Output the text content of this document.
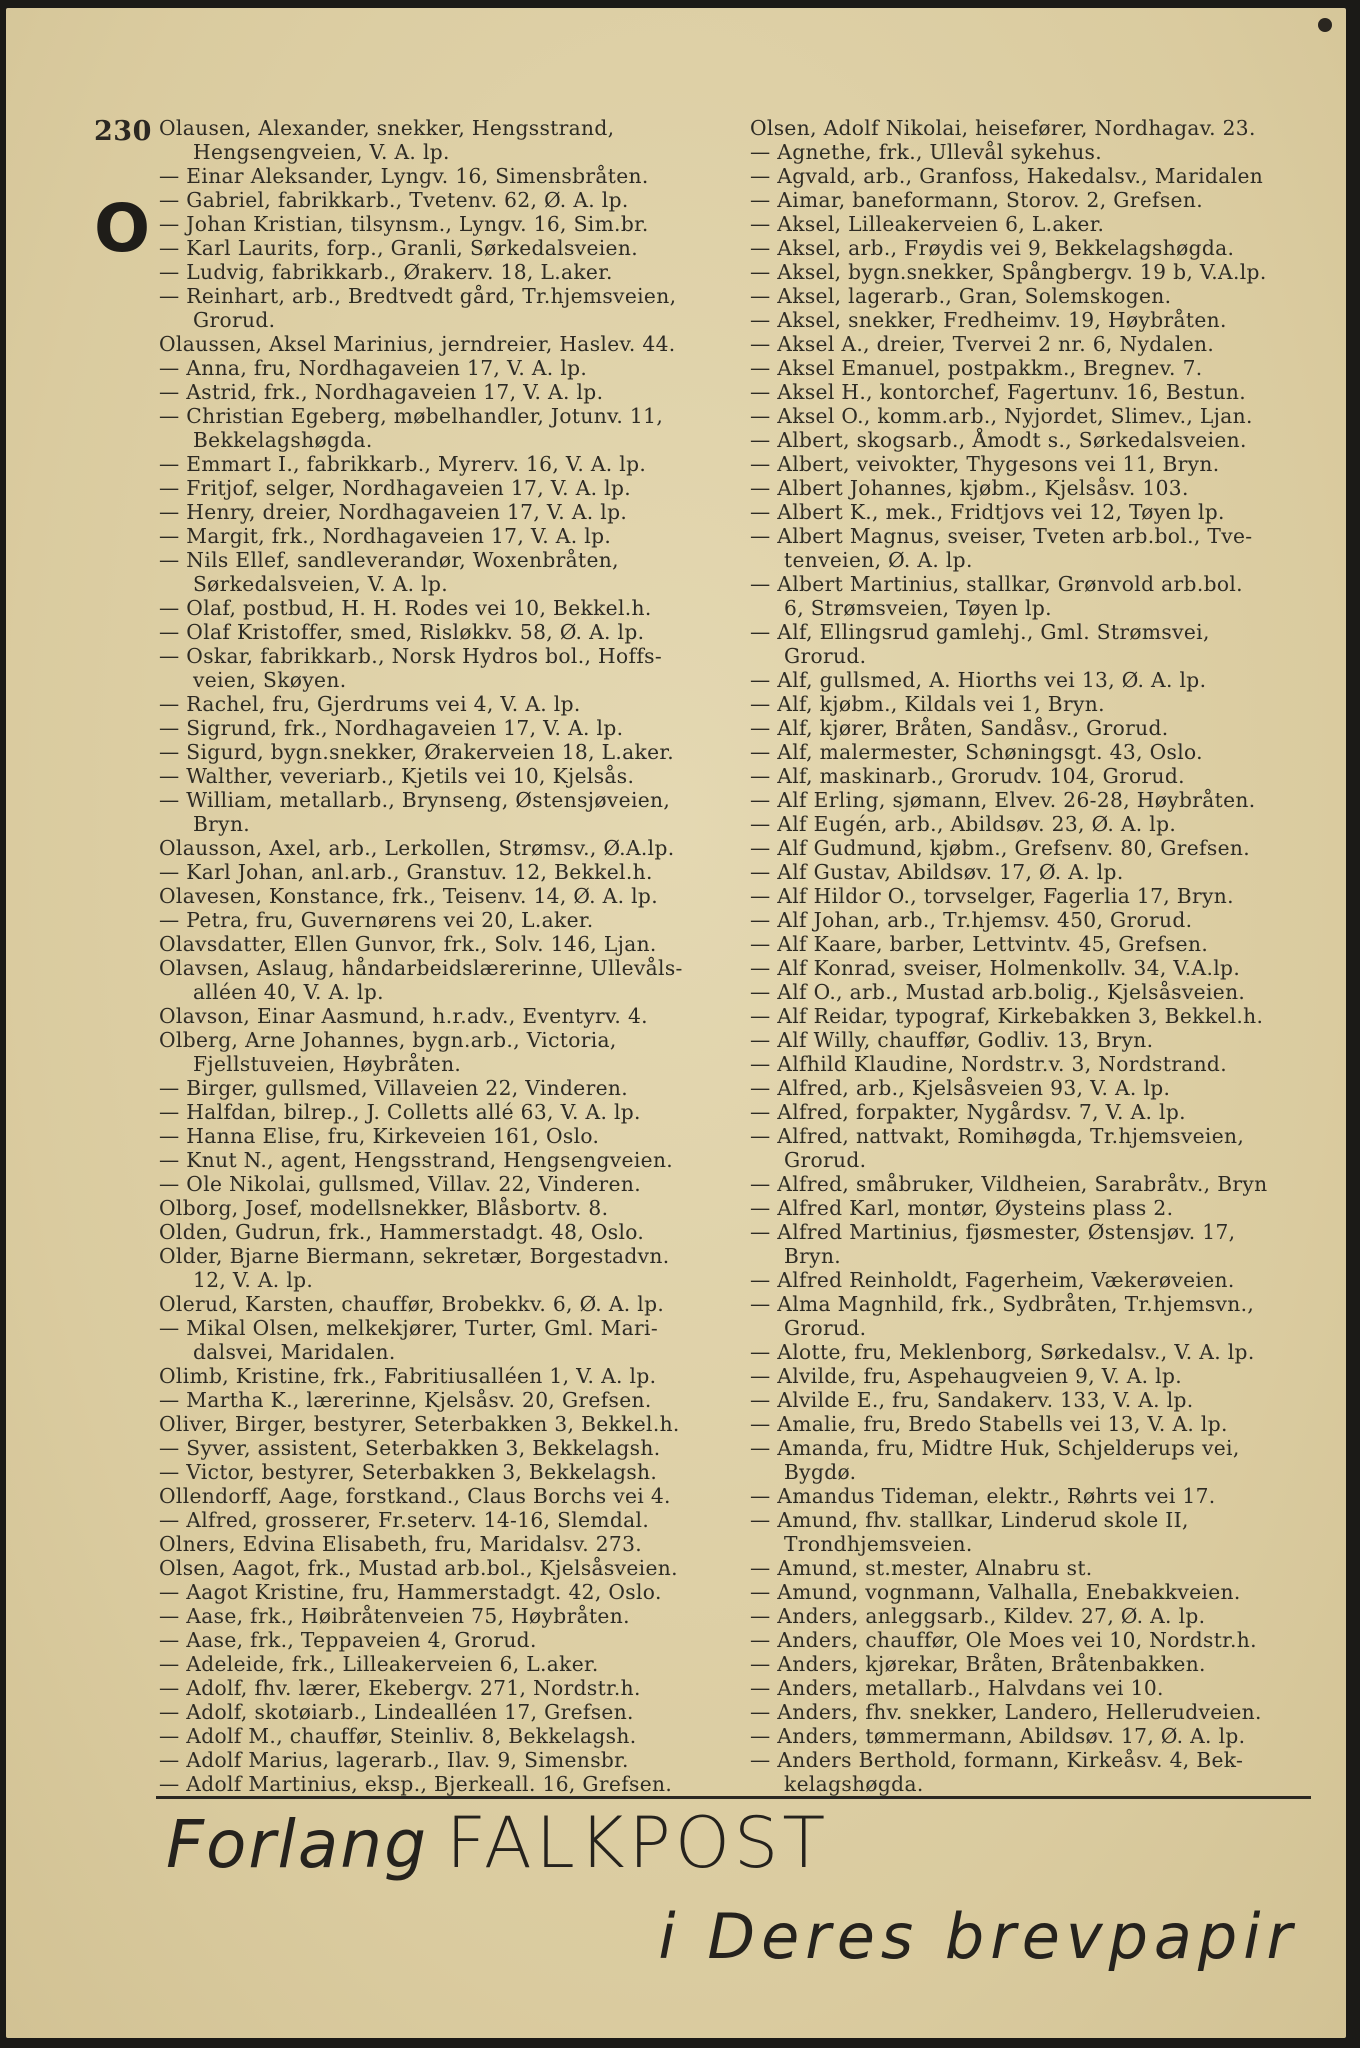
230
O
Olausen, Alexander, snekker, Hengsstrand,
Hengsengveien, V. A. lp.
— Einar Aleksander, Lyngv. 16, Simensbråten.
— Gabriel, fabrikkarb., Tvetenv. 62, Ø. A. lp.
— Johan Kristian, tilsynsm., Lyngv. 16, Sim.br.
— Karl Laurits, forp., Granli, Sørkedalsveien.
— Ludvig, fabrikkarb., Ørakerv. 18, L.aker.
— Reinhart, arb., Bredtvedt gård, Tr.hjemsveien,
Grorud.
Olaussen, Aksel Marinius, jerndreier, Haslev. 44.
— Anna, fru, Nordhagaveien 17, V. A. lp.
— Astrid, frk., Nordhagaveien 17, V. A. lp.
— Christian Egeberg, møbelhandler, Jotunv. 11,
Bekkelagshøgda.
— Emmart I., fabrikkarb., Myrerv. 16, V. A. lp.
— Fritjof, selger, Nordhagaveien 17, V. A. lp.
— Henry, dreier, Nordhagaveien 17, V. A. lp.
— Margit, frk., Nordhagaveien 17, V. A. lp.
— Nils Ellef, sandleverandør, Woxenbråten,
Sørkedalsveien, V. A. lp.
— Olaf, postbud, H. H. Rodes vei 10, Bekkel.h.
— Olaf Kristoffer, smed, Risløkkv. 58, Ø. A. lp.
— Oskar, fabrikkarb., Norsk Hydros bol., Hoffs-
veien, Skøyen.
— Rachel, fru, Gjerdrums vei 4, V. A. lp.
— Sigrund, frk., Nordhagaveien 17, V. A. lp.
— Sigurd, bygn.snekker, Ørakerveien 18, L.aker.
— Walther, veveriarb., Kjetils vei 10, Kjelsås.
— William, metallarb., Brynseng, Østensjøveien,
Bryn.
Olausson, Axel, arb., Lerkollen, Strømsv., Ø.A.lp.
— Karl Johan, anl.arb., Granstuv. 12, Bekkel.h.
Olavesen, Konstance, frk., Teisenv. 14, Ø. A. lp.
— Petra, fru, Guvernørens vei 20, L.aker.
Olavsdatter, Ellen Gunvor, frk., Solv. 146, Ljan.
Olavsen, Aslaug, håndarbeidslærerinne, Ullevåls-
alléen 40, V. A. lp.
Olavson, Einar Aasmund, h.r.adv., Eventyrv. 4.
Olberg, Arne Johannes, bygn.arb., Victoria,
Fjellstuveien, Høybråten.
— Birger, gullsmed, Villaveien 22, Vinderen.
— Halfdan, bilrep., J. Colletts allé 63, V. A. lp.
— Hanna Elise, fru, Kirkeveien 161, Oslo.
— Knut N., agent, Hengsstrand, Hengsengveien.
— Ole Nikolai, gullsmed, Villav. 22, Vinderen.
Olborg, Josef, modellsnekker, Blåsbortv. 8.
Olden, Gudrun, frk., Hammerstadgt. 48, Oslo.
Older, Bjarne Biermann, sekretær, Borgestadvn.
12, V. A. lp.
Olerud, Karsten, chauffør, Brobekkv. 6, Ø. A. lp.
— Mikal Olsen, melkekjører, Turter, Gml. Mari-
dalsvei, Maridalen.
Olimb, Kristine, frk., Fabritiusalléen 1, V. A. lp.
— Martha K., lærerinne, Kjelsåsv. 20, Grefsen.
Oliver, Birger, bestyrer, Seterbakken 3, Bekkel.h.
— Syver, assistent, Seterbakken 3, Bekkelagsh.
— Victor, bestyrer, Seterbakken 3, Bekkelagsh.
Ollendorff, Aage, forstkand., Claus Borchs vei 4.
— Alfred, grosserer, Fr.seterv. 14-16, Slemdal.
Olners, Edvina Elisabeth, fru, Maridalsv. 273.
Olsen, Aagot, frk., Mustad arb.bol., Kjelsåsveien.
— Aagot Kristine, fru, Hammerstadgt. 42, Oslo.
— Aase, frk., Høibråtenveien 75, Høybråten.
— Aase, frk., Teppaveien 4, Grorud.
— Adeleide, frk., Lilleakerveien 6, L.aker.
— Adolf, fhv. lærer, Ekebergv. 271, Nordstr.h.
— Adolf, skotøiarb., Lindealléen 17, Grefsen.
— Adolf M., chauffør, Steinliv. 8, Bekkelagsh.
— Adolf Marius, lagerarb., Ilav. 9, Simensbr.
— Adolf Martinius, eksp., Bjerkeall. 16, Grefsen.
Olsen, Adolf Nikolai, heisefører, Nordhagav. 23.
— Agnethe, frk., Ullevål sykehus.
— Agvald, arb., Granfoss, Hakedalsv., Maridalen
— Aimar, baneformann, Storov. 2, Grefsen.
— Aksel, Lilleakerveien 6, L.aker.
— Aksel, arb., Frøydis vei 9, Bekkelagshøgda.
— Aksel, bygn.snekker, Spångbergv. 19 b, V.A.lp.
— Aksel, lagerarb., Gran, Solemskogen.
— Aksel, snekker, Fredheimv. 19, Høybråten.
— Aksel A., dreier, Tvervei 2 nr. 6, Nydalen.
— Aksel Emanuel, postpakkm., Bregnev. 7.
— Aksel H., kontorchef, Fagertunv. 16, Bestun.
— Aksel O., komm.arb., Nyjordet, Slimev., Ljan.
— Albert, skogsarb., Åmodt s., Sørkedalsveien.
— Albert, veivokter, Thygesons vei 11, Bryn.
— Albert Johannes, kjøbm., Kjelsåsv. 103.
— Albert K., mek., Fridtjovs vei 12, Tøyen lp.
— Albert Magnus, sveiser, Tveten arb.bol., Tve-
tenveien, Ø. A. lp.
— Albert Martinius, stallkar, Grønvold arb.bol.
6, Strømsveien, Tøyen lp.
— Alf, Ellingsrud gamlehj., Gml. Strømsvei,
Grorud.
— Alf, gullsmed, A. Hiorths vei 13, Ø. A. lp.
— Alf, kjøbm., Kildals vei 1, Bryn.
— Alf, kjører, Bråten, Sandåsv., Grorud.
— Alf, malermester, Schøningsgt. 43, Oslo.
— Alf, maskinarb., Grorudv. 104, Grorud.
— Alf Erling, sjømann, Elvev. 26-28, Høybråten.
— Alf Eugén, arb., Abildsøv. 23, Ø. A. lp.
— Alf Gudmund, kjøbm., Grefsenv. 80, Grefsen.
— Alf Gustav, Abildsøv. 17, Ø. A. lp.
— Alf Hildor O., torvselger, Fagerlia 17, Bryn.
— Alf Johan, arb., Tr.hjemsv. 450, Grorud.
— Alf Kaare, barber, Lettvintv. 45, Grefsen.
— Alf Konrad, sveiser, Holmenkollv. 34, V.A.lp.
— Alf O., arb., Mustad arb.bolig., Kjelsåsveien.
— Alf Reidar, typograf, Kirkebakken 3, Bekkel.h.
— Alf Willy, chauffør, Godliv. 13, Bryn.
— Alfhild Klaudine, Nordstr.v. 3, Nordstrand.
— Alfred, arb., Kjelsåsveien 93, V. A. lp.
— Alfred, forpakter, Nygårdsv. 7, V. A. lp.
— Alfred, nattvakt, Romihøgda, Tr.hjemsveien,
Grorud.
— Alfred, småbruker, Vildheien, Sarabråtv., Bryn
— Alfred Karl, montør, Øysteins plass 2.
— Alfred Martinius, fjøsmester, Østensjøv. 17,
Bryn.
— Alfred Reinholdt, Fagerheim, Vækerøveien.
— Alma Magnhild, frk., Sydbråten, Tr.hjemsvn.,
Grorud.
— Alotte, fru, Meklenborg, Sørkedalsv., V. A. lp.
— Alvilde, fru, Aspehaugveien 9, V. A. lp.
— Alvilde E., fru, Sandakerv. 133, V. A. lp.
— Amalie, fru, Bredo Stabells vei 13, V. A. lp.
— Amanda, fru, Midtre Huk, Schjelderups vei,
Bygdø.
— Amandus Tideman, elektr., Røhrts vei 17.
— Amund, fhv. stallkar, Linderud skole II,
Trondhjemsveien.
— Amund, st.mester, Alnabru st.
— Amund, vognmann, Valhalla, Enebakkveien.
— Anders, anleggsarb., Kildev. 27, Ø. A. lp.
— Anders, chauffør, Ole Moes vei 10, Nordstr.h.
— Anders, kjørekar, Bråten, Bråtenbakken.
— Anders, metallarb., Halvdans vei 10.
— Anders, fhv. snekker, Landero, Hellerudveien.
— Anders, tømmermann, Abildsøv. 17, Ø. A. lp.
— Anders Berthold, formann, Kirkeåsv. 4, Bek-
kelagshøgda.
Forlang FALKPOST
i Deres brevpapir
